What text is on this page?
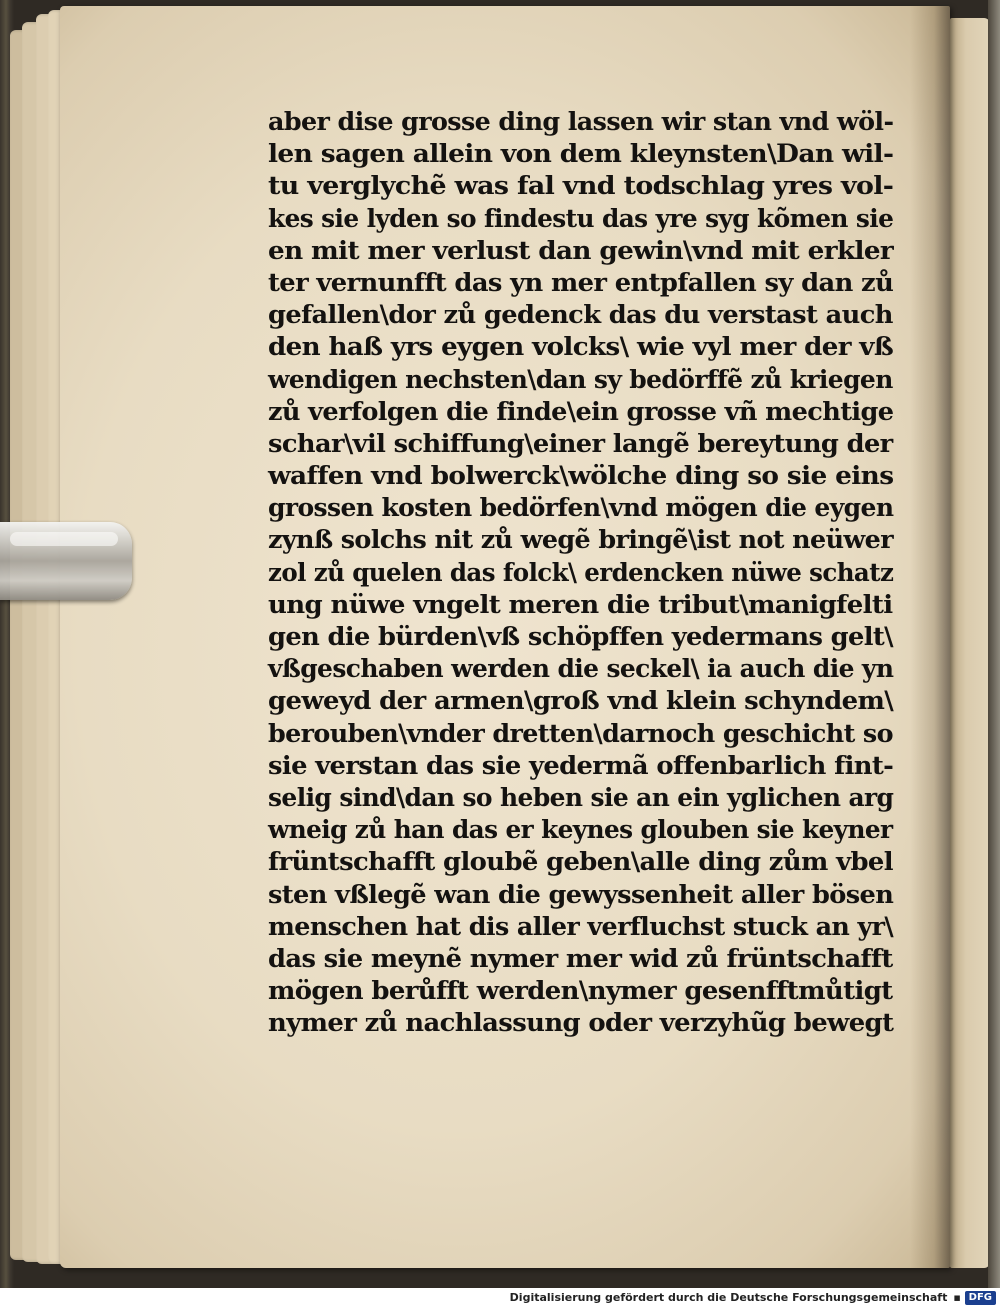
aber dise grosse ding lassen wir stan vnd wöl-
len sagen allein von dem kleynsten\Dan wil-
tu verglychẽ was fal vnd todschlag yres vol-
kes sie lyden so findestu das yre syg kõmen sie
en mit mer verlust dan gewin\vnd mit erkler
ter vernunfft das yn mer entpfallen sy dan zů
gefallen\dor zů gedenck das du verstast auch
den haß yrs eygen volcks\ wie vyl mer der vß
wendigen nechsten\dan sy bedörffẽ zů kriegen
zů verfolgen die finde\ein grosse vñ mechtige
schar\vil schiffung\einer langẽ bereytung der
waffen vnd bolwerck\wölche ding so sie eins
grossen kosten bedörfen\vnd mögen die eygen
zynß solchs nit zů wegẽ bringẽ\ist not neüwer
zol zů quelen das folck\ erdencken nüwe schatz
ung nüwe vngelt meren die tribut\manigfelti
gen die bürden\vß schöpffen yedermans gelt\
vßgeschaben werden die seckel\ ia auch die yn
geweyd der armen\groß vnd klein schyndem\
berouben\vnder dretten\darnoch geschicht so
sie verstan das sie yedermã offenbarlich fint-
selig sind\dan so heben sie an ein yglichen arg
wneig zů han das er keynes glouben sie keyner
früntschafft gloubẽ geben\alle ding zům vbel
sten vßlegẽ wan die gewyssenheit aller bösen
menschen hat dis aller verfluchst stuck an yr\
das sie meynẽ nymer mer wid zů früntschafft
mögen berůfft werden\nymer gesenfftmůtigt
nymer zů nachlassung oder verzyhũg bewegt
Digitalisierung gefördert durch die Deutsche Forschungsgemeinschaft ▪ DFG
